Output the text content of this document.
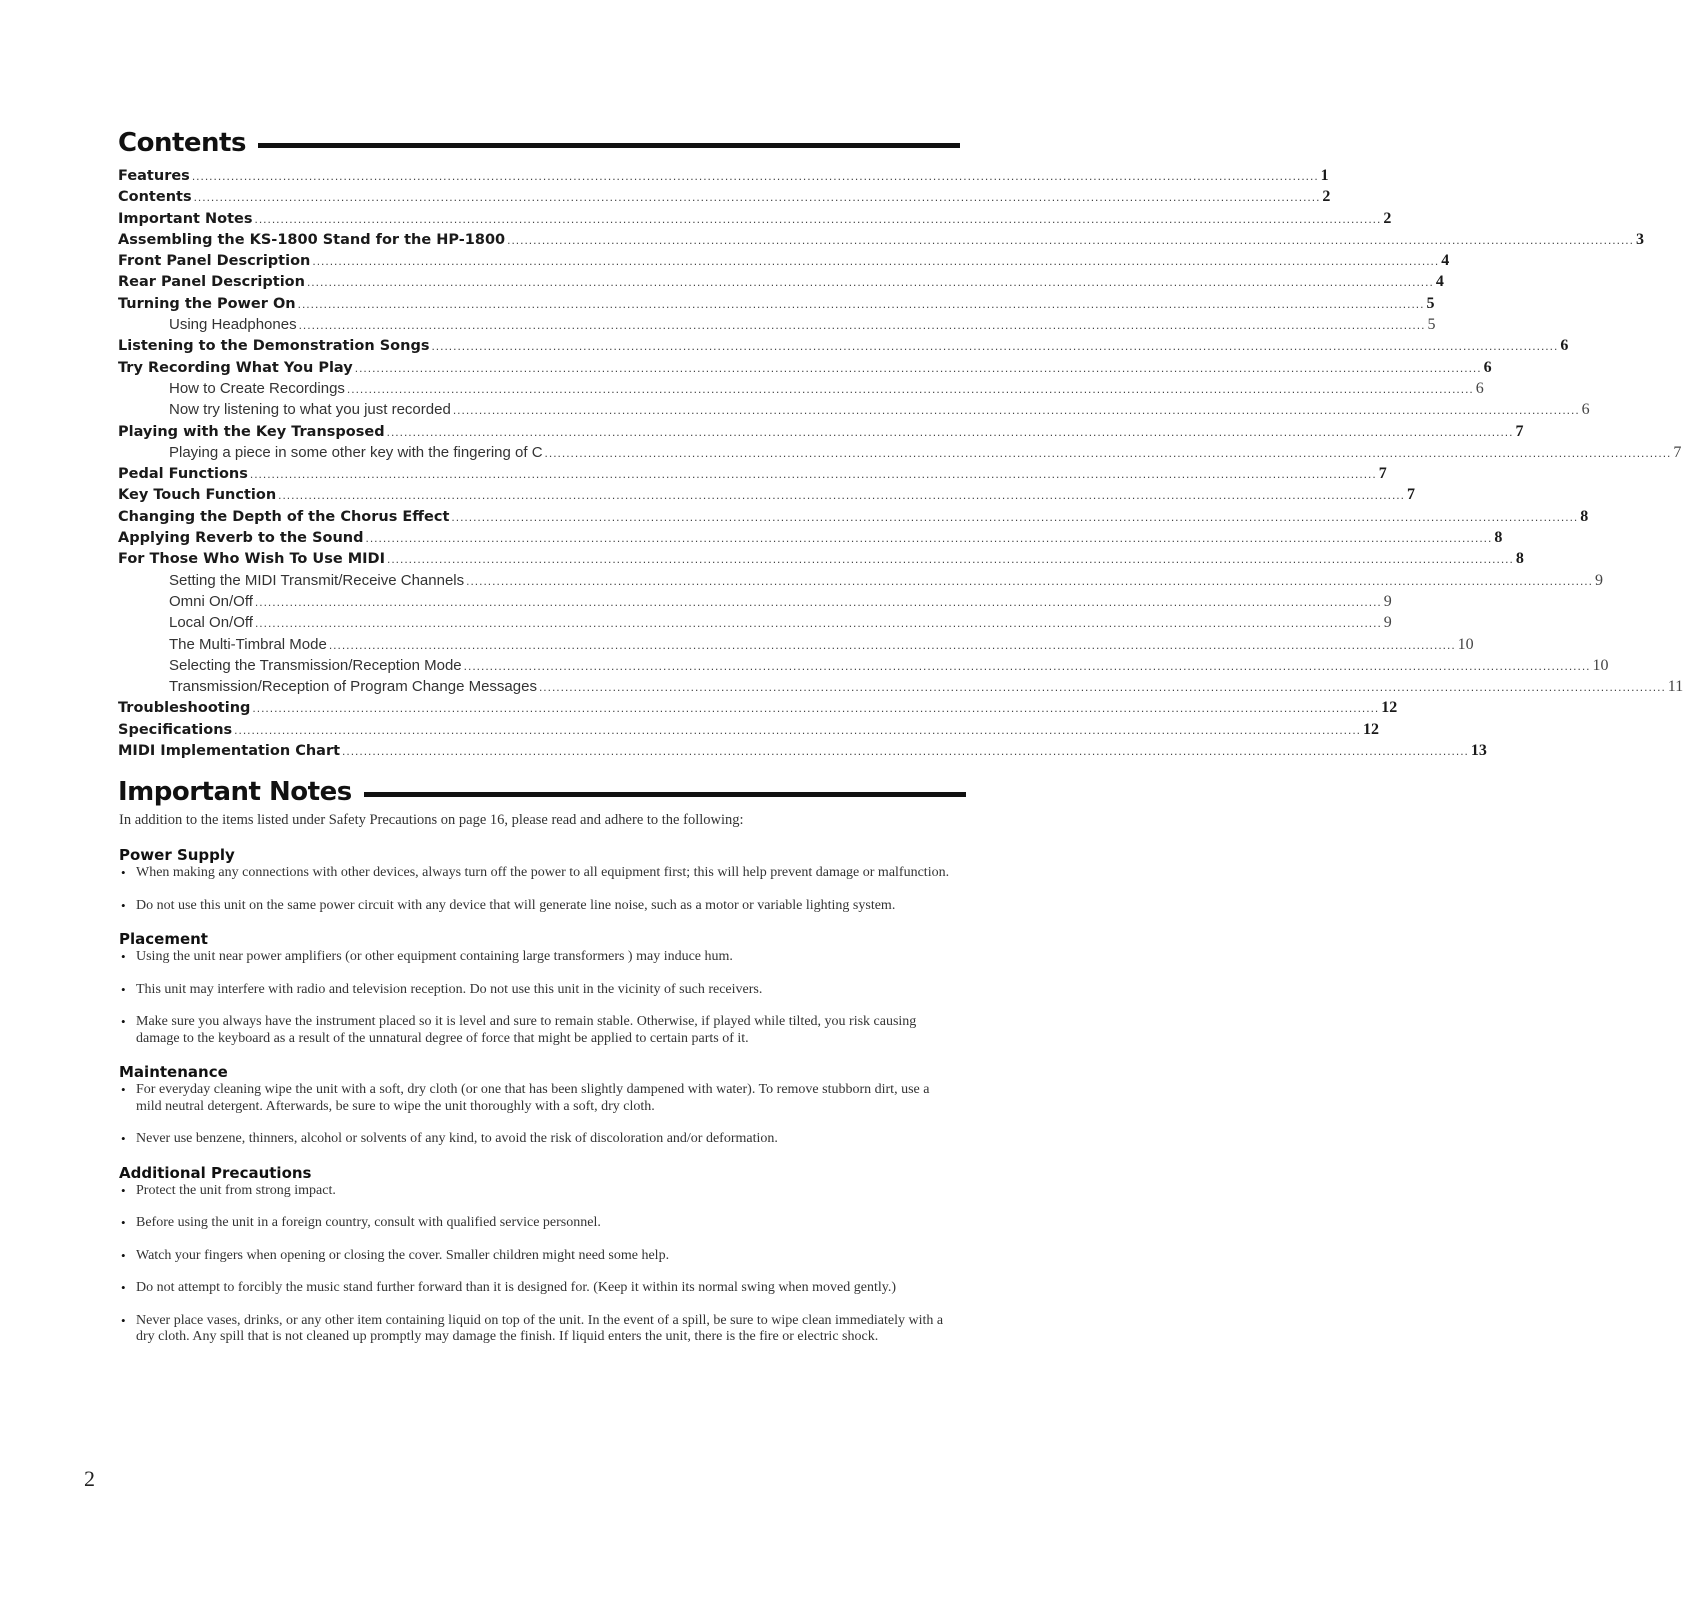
Contents
Features .................................................................................................................................................................................................................................................................... 1
Contents .................................................................................................................................................................................................................................................................... 2
Important Notes .................................................................................................................................................................................................................................................................... 2
Assembling the KS-1800 Stand for the HP-1800 .................................................................................................................................................................................................................................................................... 3
Front Panel Description .................................................................................................................................................................................................................................................................... 4
Rear Panel Description .................................................................................................................................................................................................................................................................... 4
Turning the Power On .................................................................................................................................................................................................................................................................... 5
Using Headphones .................................................................................................................................................................................................................................................................... 5
Listening to the Demonstration Songs .................................................................................................................................................................................................................................................................... 6
Try Recording What You Play .................................................................................................................................................................................................................................................................... 6
How to Create Recordings .................................................................................................................................................................................................................................................................... 6
Now try listening to what you just recorded .................................................................................................................................................................................................................................................................... 6
Playing with the Key Transposed .................................................................................................................................................................................................................................................................... 7
Playing a piece in some other key with the fingering of C .................................................................................................................................................................................................................................................................... 7
Pedal Functions .................................................................................................................................................................................................................................................................... 7
Key Touch Function .................................................................................................................................................................................................................................................................... 7
Changing the Depth of the Chorus Effect .................................................................................................................................................................................................................................................................... 8
Applying Reverb to the Sound .................................................................................................................................................................................................................................................................... 8
For Those Who Wish To Use MIDI .................................................................................................................................................................................................................................................................... 8
Setting the MIDI Transmit/Receive Channels .................................................................................................................................................................................................................................................................... 9
Omni On/Off .................................................................................................................................................................................................................................................................... 9
Local On/Off .................................................................................................................................................................................................................................................................... 9
The Multi-Timbral Mode .................................................................................................................................................................................................................................................................... 10
Selecting the Transmission/Reception Mode .................................................................................................................................................................................................................................................................... 10
Transmission/Reception of Program Change Messages .................................................................................................................................................................................................................................................................... 11
Troubleshooting .................................................................................................................................................................................................................................................................... 12
Specifications .................................................................................................................................................................................................................................................................... 12
MIDI Implementation Chart .................................................................................................................................................................................................................................................................... 13
Important Notes
In addition to the items listed under Safety Precautions on page 16, please read and adhere to the following:
Power Supply
• When making any connections with other devices, always turn off the power to all equipment first; this will help prevent damage or malfunction.
• Do not use this unit on the same power circuit with any device that will generate line noise, such as a motor or variable lighting system.
Placement
• Using the unit near power amplifiers (or other equipment containing large transformers ) may induce hum.
• This unit may interfere with radio and television reception. Do not use this unit in the vicinity of such receivers.
• Make sure you always have the instrument placed so it is level and sure to remain stable. Otherwise, if played while tilted, you risk causing damage to the keyboard as a result of the unnatural degree of force that might be applied to certain parts of it.
Maintenance
• For everyday cleaning wipe the unit with a soft, dry cloth (or one that has been slightly dampened with water). To remove stubborn dirt, use a mild neutral detergent. Afterwards, be sure to wipe the unit thoroughly with a soft, dry cloth.
• Never use benzene, thinners, alcohol or solvents of any kind, to avoid the risk of discoloration and/or deformation.
Additional Precautions
• Protect the unit from strong impact.
• Before using the unit in a foreign country, consult with qualified service personnel.
• Watch your fingers when opening or closing the cover. Smaller children might need some help.
• Do not attempt to forcibly the music stand further forward than it is designed for. (Keep it within its normal swing when moved gently.)
• Never place vases, drinks, or any other item containing liquid on top of the unit. In the event of a spill, be sure to wipe clean immediately with a dry cloth. Any spill that is not cleaned up promptly may damage the finish. If liquid enters the unit, there is the fire or electric shock.
2
